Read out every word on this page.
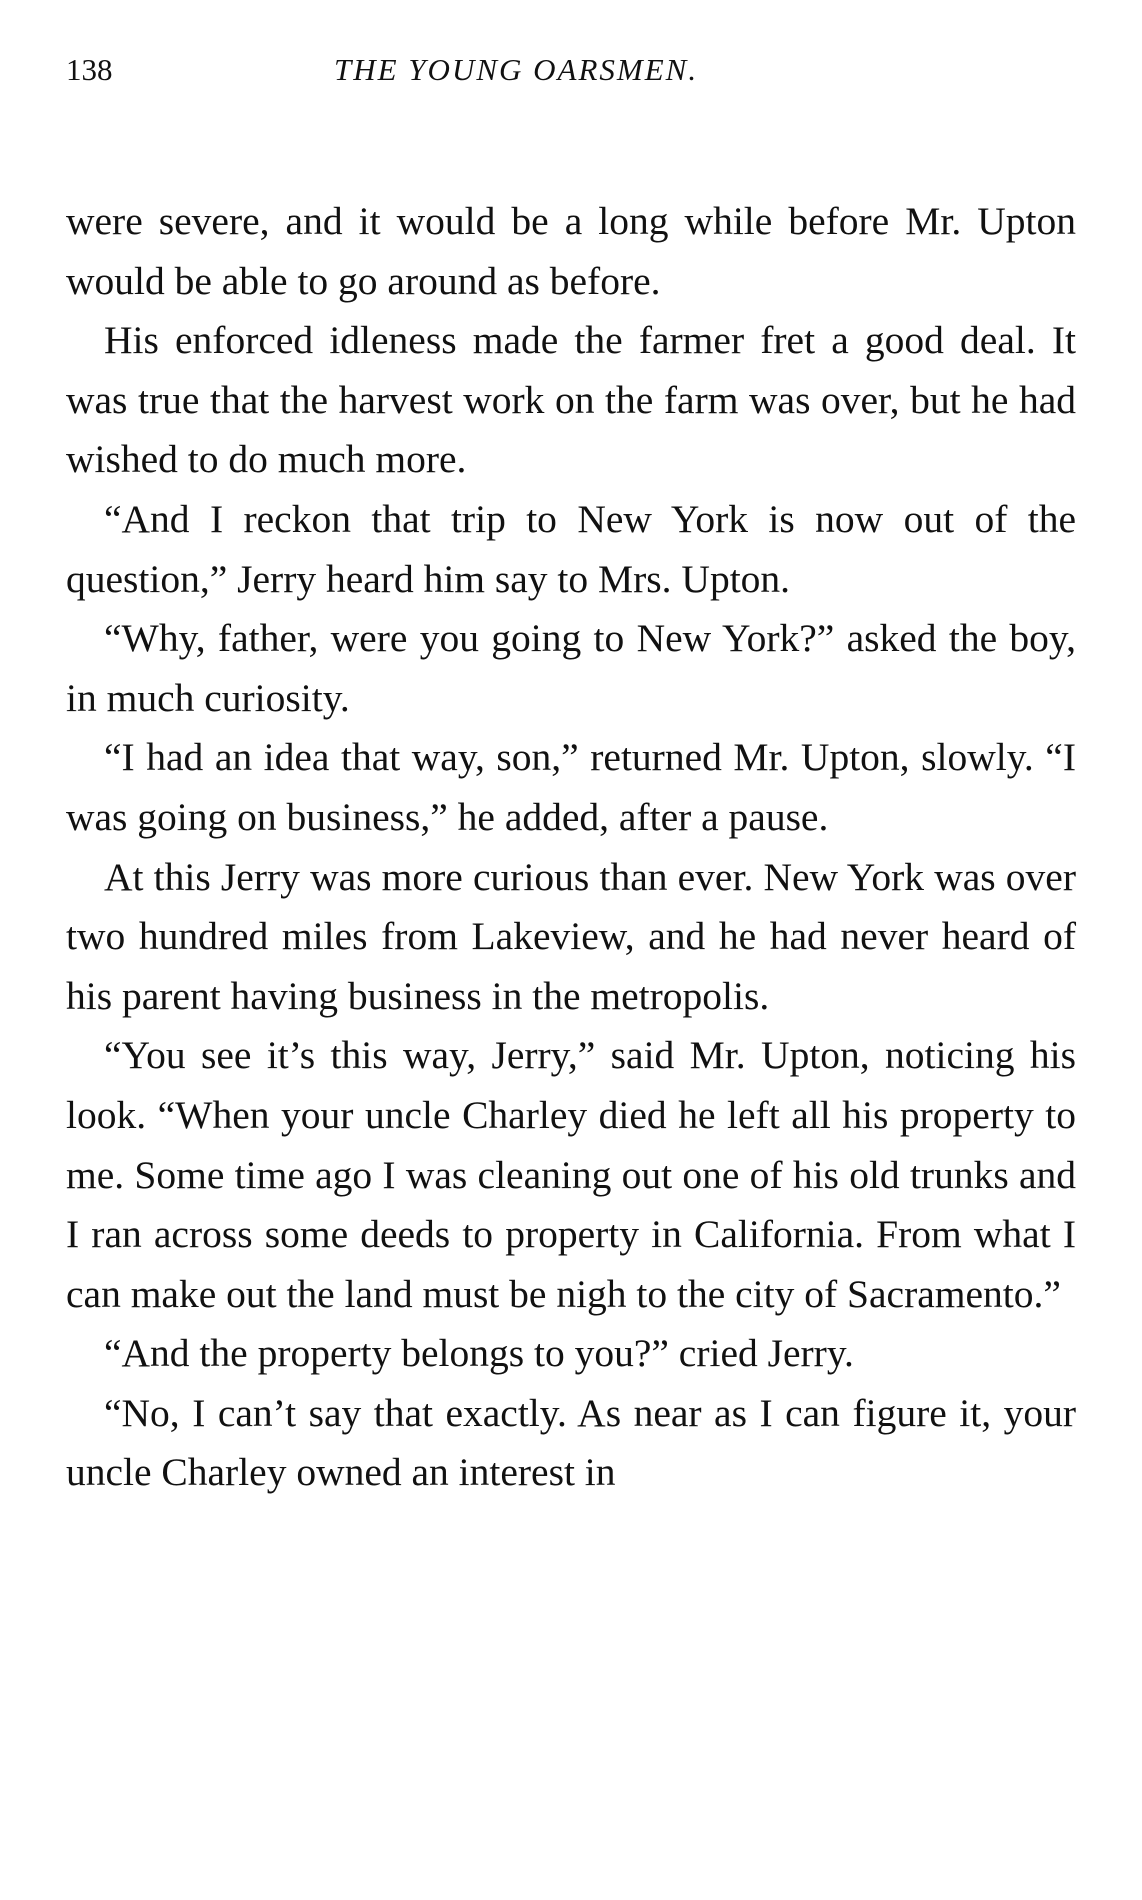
138	THE YOUNG OARSMEN.

were severe, and it would be a long while before Mr. Upton would be able to go around as before.

His enforced idleness made the farmer fret a good deal. It was true that the harvest work on the farm was over, but he had wished to do much more.

“And I reckon that trip to New York is now out of the question,” Jerry heard him say to Mrs. Upton.

“Why, father, were you going to New York?” asked the boy, in much curiosity.

“I had an idea that way, son,” returned Mr. Upton, slowly. “I was going on business,” he added, after a pause.

At this Jerry was more curious than ever. New York was over two hundred miles from Lakeview, and he had never heard of his parent having business in the metropolis.

“You see it’s this way, Jerry,” said Mr. Upton, noticing his look. “When your uncle Charley died he left all his property to me. Some time ago I was cleaning out one of his old trunks and I ran across some deeds to property in California. From what I can make out the land must be nigh to the city of Sacramento.”

“And the property belongs to you?” cried Jerry.

“No, I can’t say that exactly. As near as I can figure it, your uncle Charley owned an interest in
